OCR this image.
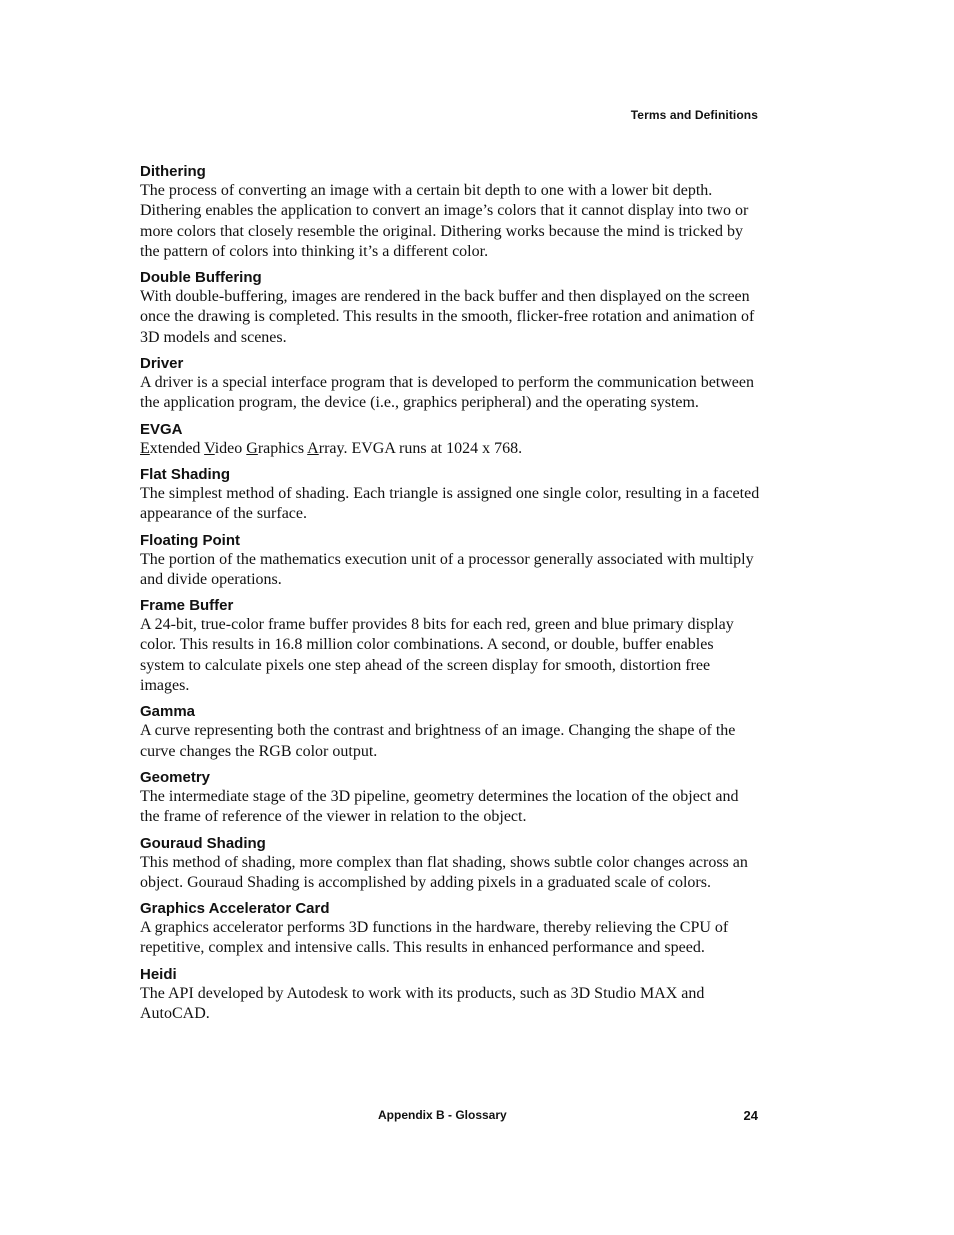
Terms and Definitions
Dithering

The process of converting an image with a certain bit depth to one with a lower bit depth. Dithering enables the application to convert an image’s colors that it cannot display into two or more colors that closely resemble the original. Dithering works because the mind is tricked by the pattern of colors into thinking it’s a different color.

Double Buffering

With double-buffering, images are rendered in the back buffer and then displayed on the screen once the drawing is completed. This results in the smooth, flicker-free rotation and animation of 3D models and scenes.

Driver

A driver is a special interface program that is developed to perform the communication between the application program, the device (i.e., graphics peripheral) and the operating system.

EVGA

Extended Video Graphics Array. EVGA runs at 1024 x 768.

Flat Shading

The simplest method of shading. Each triangle is assigned one single color, resulting in a faceted appearance of the surface.

Floating Point

The portion of the mathematics execution unit of a processor generally associated with multiply and divide operations.

Frame Buffer

A 24-bit, true-color frame buffer provides 8 bits for each red, green and blue primary display color. This results in 16.8 million color combinations. A second, or double, buffer enables system to calculate pixels one step ahead of the screen display for smooth, distortion free images.

Gamma

A curve representing both the contrast and brightness of an image. Changing the shape of the curve changes the RGB color output.

Geometry

The intermediate stage of the 3D pipeline, geometry determines the location of the object and the frame of reference of the viewer in relation to the object.

Gouraud Shading

This method of shading, more complex than flat shading, shows subtle color changes across an object. Gouraud Shading is accomplished by adding pixels in a graduated scale of colors.

Graphics Accelerator Card

A graphics accelerator performs 3D functions in the hardware, thereby relieving the CPU of repetitive, complex and intensive calls. This results in enhanced performance and speed.

Heidi

The API developed by Autodesk to work with its products, such as 3D Studio MAX and AutoCAD.

Appendix B - Glossary	24
